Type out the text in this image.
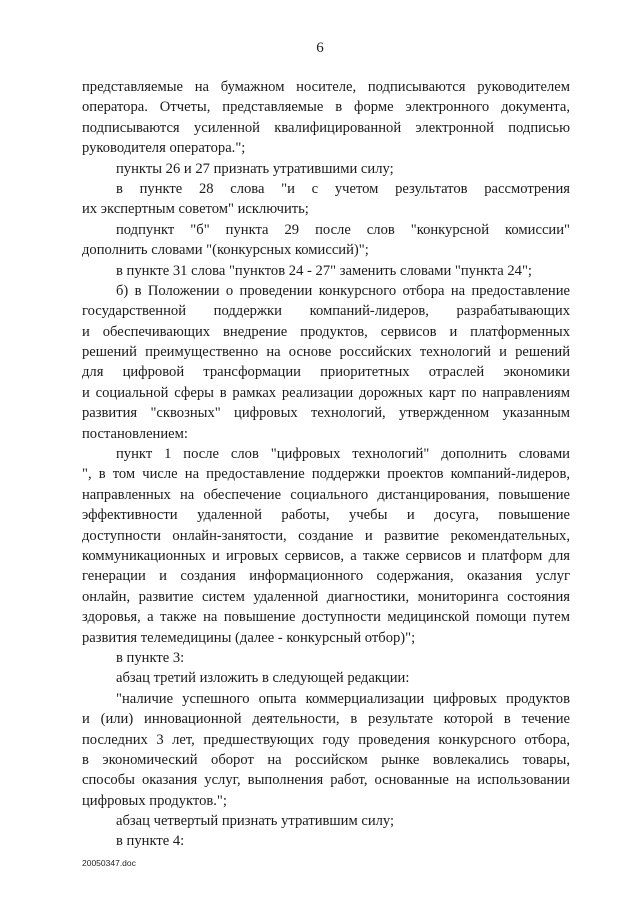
6
представляемые на бумажном носителе, подписываются руководителем
оператора. Отчеты, представляемые в форме электронного документа,
подписываются усиленной квалифицированной электронной подписью
руководителя оператора.";
пункты 26 и 27 признать утратившими силу;
в пункте 28 слова "и с учетом результатов рассмотрения
их экспертным советом" исключить;
подпункт "б" пункта 29 после слов "конкурсной комиссии"
дополнить словами "(конкурсных комиссий)";
в пункте 31 слова "пунктов 24 - 27" заменить словами "пункта 24";
б) в Положении о проведении конкурсного отбора на предоставление
государственной поддержки компаний-лидеров, разрабатывающих
и обеспечивающих внедрение продуктов, сервисов и платформенных
решений преимущественно на основе российских технологий и решений
для цифровой трансформации приоритетных отраслей экономики
и социальной сферы в рамках реализации дорожных карт по направлениям
развития "сквозных" цифровых технологий, утвержденном указанным
постановлением:
пункт 1 после слов "цифровых технологий" дополнить словами
", в том числе на предоставление поддержки проектов компаний-лидеров,
направленных на обеспечение социального дистанцирования, повышение
эффективности удаленной работы, учебы и досуга, повышение
доступности онлайн-занятости, создание и развитие рекомендательных,
коммуникационных и игровых сервисов, а также сервисов и платформ для
генерации и создания информационного содержания, оказания услуг
онлайн, развитие систем удаленной диагностики, мониторинга состояния
здоровья, а также на повышение доступности медицинской помощи путем
развития телемедицины (далее - конкурсный отбор)";
в пункте 3:
абзац третий изложить в следующей редакции:
"наличие успешного опыта коммерциализации цифровых продуктов
и (или) инновационной деятельности, в результате которой в течение
последних 3 лет, предшествующих году проведения конкурсного отбора,
в экономический оборот на российском рынке вовлекались товары,
способы оказания услуг, выполнения работ, основанные на использовании
цифровых продуктов.";
абзац четвертый признать утратившим силу;
в пункте 4:
20050347.doc
